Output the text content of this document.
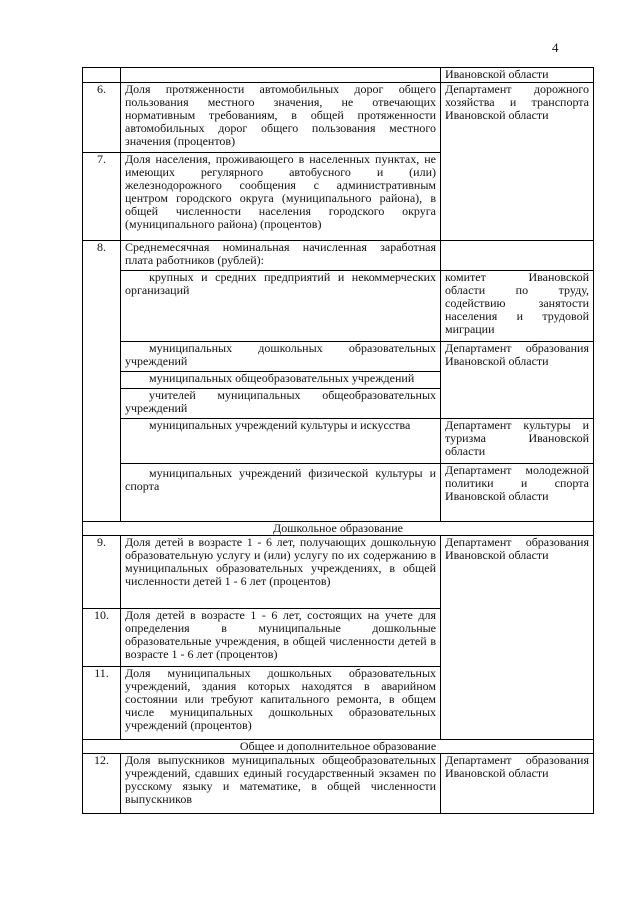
4
		Ивановской области
6.	Доля протяженности автомобильных дорог общего пользования местного значения, не отвечающих нормативным требованиям, в общей протяженности автомобильных дорог общего пользования местного значения (процентов)	Департамент дорожного хозяйства и транспорта Ивановской области
7.	Доля населения, проживающего в населенных пунктах, не имеющих регулярного автобусного и (или) железнодорожного сообщения с административным центром городского округа (муниципального района), в общей численности населения городского округа (муниципального района) (процентов)	
8.	Среднемесячная номинальная начисленная заработная плата работников (рублей):	
	крупных и средних предприятий и некоммерческих организаций	комитет Ивановской области по труду, содействию занятости населения и трудовой миграции
	муниципальных дошкольных образовательных учреждений	Департамент образования Ивановской области
	муниципальных общеобразовательных учреждений	
	учителей муниципальных общеобразовательных учреждений	
	муниципальных учреждений культуры и искусства	Департамент культуры и туризма Ивановской области
	муниципальных учреждений физической культуры и спорта	Департамент молодежной политики и спорта Ивановской области
Дошкольное образование		
9.	Доля детей в возрасте 1 - 6 лет, получающих дошкольную образовательную услугу и (или) услугу по их содержанию в муниципальных образовательных учреждениях, в общей численности детей 1 - 6 лет (процентов)	Департамент образования Ивановской области
10.	Доля детей в возрасте 1 - 6 лет, состоящих на учете для определения в муниципальные дошкольные образовательные учреждения, в общей численности детей в возрасте 1 - 6 лет (процентов)	
11.	Доля муниципальных дошкольных образовательных учреждений, здания которых находятся в аварийном состоянии или требуют капитального ремонта, в общем числе муниципальных дошкольных образовательных учреждений (процентов)	
Общее и дополнительное образование		
12.	Доля выпускников муниципальных общеобразовательных учреждений, сдавших единый государственный экзамен по русскому языку и математике, в общей численности выпускников	Департамент образования Ивановской области
